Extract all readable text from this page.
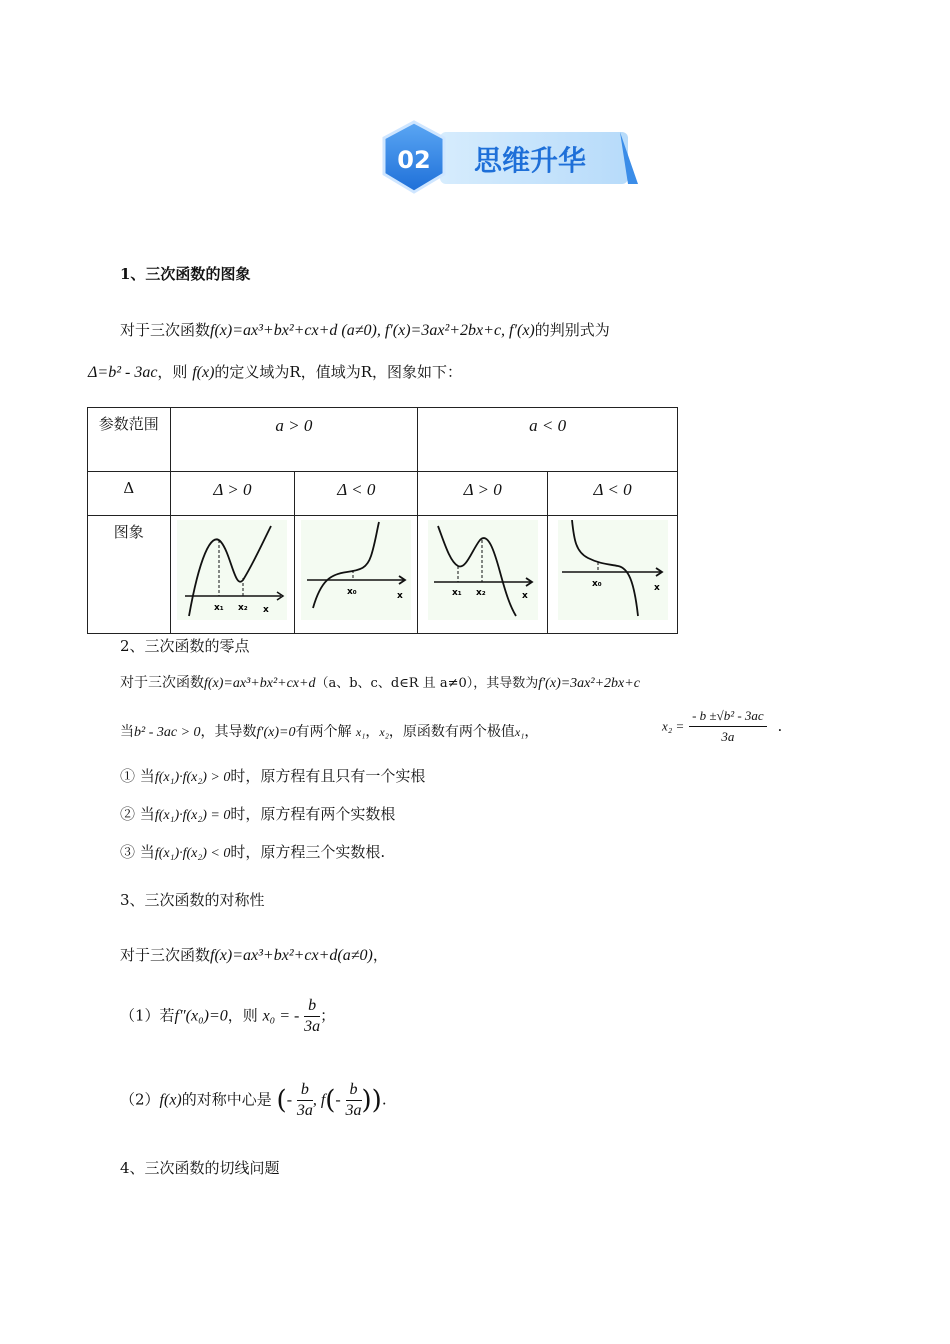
02 思维升华
1、三次函数的图象
对于三次函数f(x)=ax³+bx²+cx+d (a≠0), f′(x)=3ax²+2bx+c, f′(x)的判别式为
Δ=b² - 3ac，则 f(x)的定义域为R，值域为R，图象如下：
参数范围	a > 0		a < 0	
Δ	Δ > 0	Δ < 0	Δ > 0	Δ < 0
图象	x₁ x₂ x	x₀ x	x₁ x₂ x	x₀ x
2、三次函数的零点
对于三次函数f(x)=ax³+bx²+cx+d（a、b、c、d∈R 且 a≠0），其导数为f′(x)=3ax²+2bx+c
当b² - 3ac > 0，其导数f′(x)=0有两个解 x₁，x₂，原函数有两个极值x₁，	$x_2 = \frac{\text{- b ±√b² - 3ac}}{3a}$ .
① 当f(x₁)·f(x₂) > 0时，原方程有且只有一个实根
② 当f(x₁)·f(x₂) = 0时，原方程有两个实数根
③ 当f(x₁)·f(x₂) < 0时，原方程三个实数根.
3、三次函数的对称性
对于三次函数f(x)=ax³+bx²+cx+d(a≠0)，
（1）若f″(x₀)=0，则 x₀ = - $\frac{b}{3a}$ ；
（2）f(x)的对称中心是 (- $\frac{b}{3a}$ , $f(- \frac{b}{3a}$ )).
4、三次函数的切线问题
